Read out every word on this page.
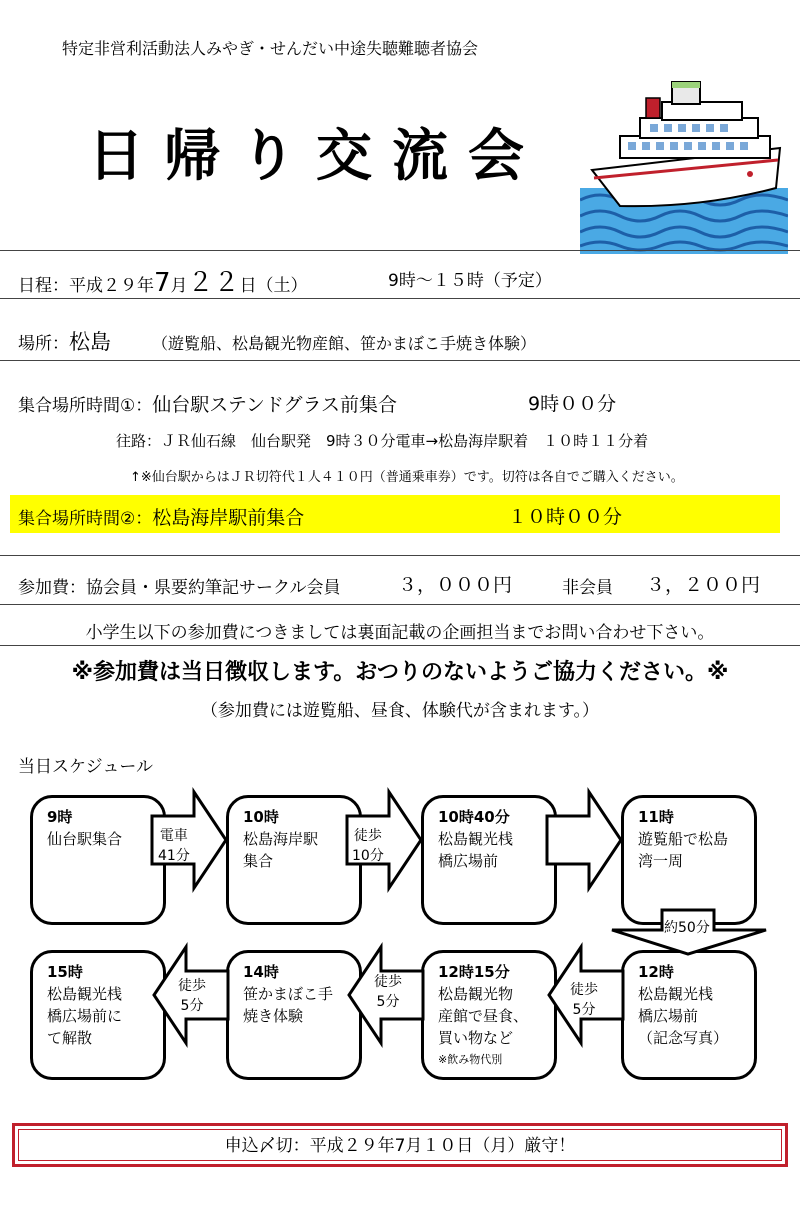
特定非営利活動法人みやぎ・せんだい中途失聴難聴者協会
日帰り交流会
日程：平成２９年7月２２日（土）	9時～１５時（予定）
場所：松島	（遊覧船、松島観光物産館、笹かまぼこ手焼き体験）
集合場所時間①：仙台駅ステンドグラス前集合	9時００分
往路：ＪＲ仙石線　仙台駅発　9時３０分電車→松島海岸駅着　１０時１１分着
↑※仙台駅からはＪＲ切符代１人４１０円（普通乗車券）です。切符は各自でご購入ください。
集合場所時間②：松島海岸駅前集合	１０時００分
参加費：協会員・県要約筆記サークル会員	３，０００円	非会員 ３，２００円
小学生以下の参加費につきましては裏面記載の企画担当までお問い合わせ下さい。
※参加費は当日徴収します。おつりのないようご協力ください。※
（参加費には遊覧船、昼食、体験代が含まれます。）
当日スケジュール
9時
仙台駅集合
10時
松島海岸駅
集合
10時40分
松島観光桟
橋広場前
11時
遊覧船で松島
湾一周
12時
松島観光桟
橋広場前
（記念写真）
12時15分
松島観光物
産館で昼食、
買い物など
※飲み物代別
14時
笹かまぼこ手
焼き体験
15時
松島観光桟
橋広場前に
て解散
電車
41分
徒歩
10分
約50分
徒歩
5分
徒歩
5分
徒歩
5分
申込〆切：平成２９年7月１０日（月）厳守！
